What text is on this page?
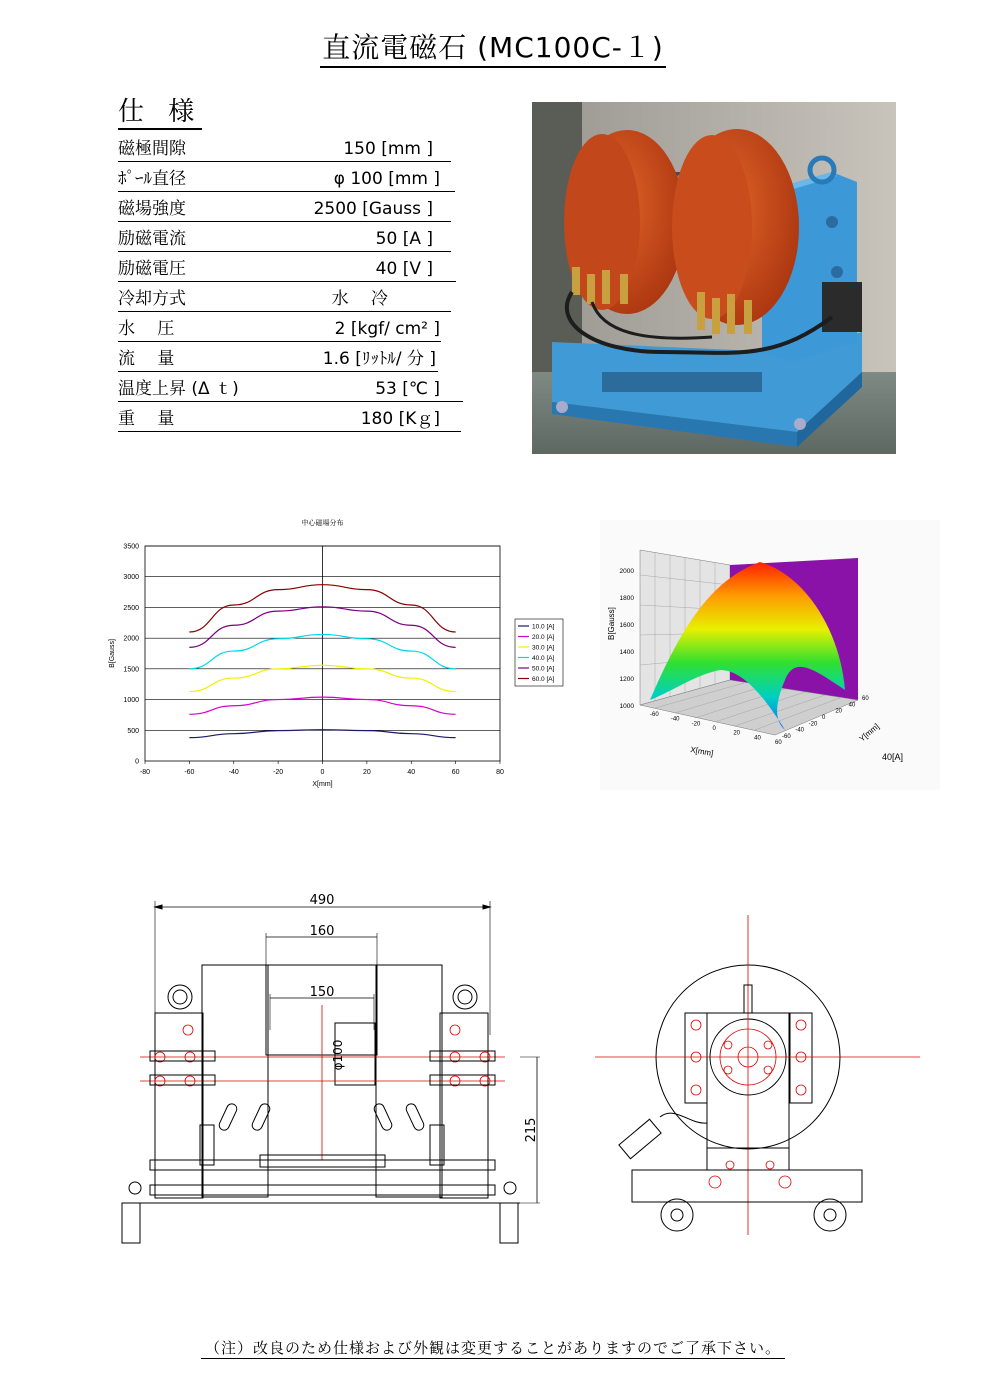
直流電磁石 (MC100C-１)
仕 様
磁極間隙	150 [mm ]
ﾎﾟｰﾙ直径	φ 100 [mm ]
磁場強度	2500 [Gauss ]
励磁電流	50 [A ]
励磁電圧	40 [V ]
冷却方式	水　 冷
水　 圧	2 [kgf/ cm² ]
流　 量	1.6 [ﾘｯﾄﾙ/ 分 ]
温度上昇 (Δ ｔ)	53 [℃ ]
重　 量	180 [Kｇ]
0
500
1000
1500
2000
2500
3000
3500
-80	-60	-40	-20	0	20	40	60	80
中心磁場分布
X[mm]
B[Gauss]
10.0 [A]
20.0 [A]
30.0 [A]
40.0 [A]
50.0 [A]
60.0 [A]
40[A]
B[Gauss]
X[mm]
Y[mm]
1000
1200
1400
1600
1800
2000
-60
-40
-20
0
20
40
60
-60
-40
-20
0
20
40
60
490
160
150
φ100
215
（注）改良のため仕様および外観は変更することがありますのでご了承下さい。
